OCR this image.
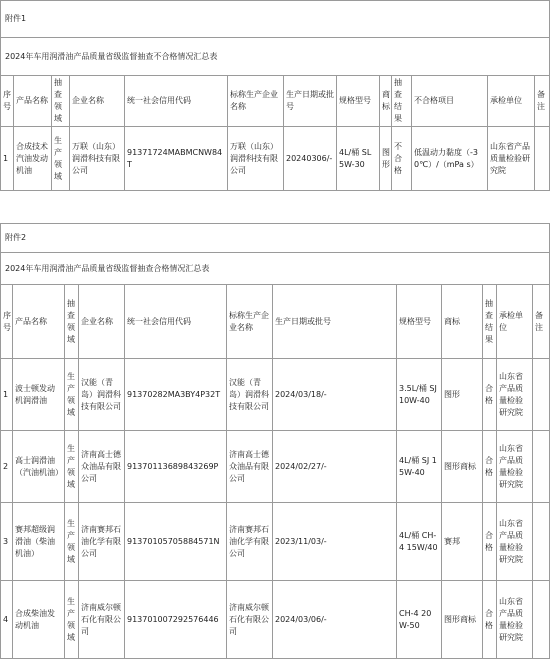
附件1												
2024年车用润滑油产品质量省级监督抽查不合格情况汇总表												
序号	产品名称	抽查领域	企业名称	统一社会信用代码	标称生产企业名称	生产日期或批号	规格型号	商标	抽查结果	不合格项目	承检单位	备注
1	合成技术汽油发动机油	生产领域	万联（山东）润滑科技有限公司	91371724MABMCNW84T	万联（山东）润滑科技有限公司	20240306/-	4L/桶 SL 5W-30	图形	不合格	低温动力黏度（-30℃）/（mPa s）	山东省产品质量检验研究院	
附件2											
2024年车用润滑油产品质量省级监督抽查合格情况汇总表											
序号	产品名称	抽查领域	企业名称	统一社会信用代码	标称生产企业名称	生产日期或批号	规格型号	商标	抽查结果	承检单位	备注
1	波士顿发动机润滑油	生产领域	汉能（青岛）润滑科技有限公司	91370282MA3BY4P32T	汉能（青岛）润滑科技有限公司	2024/03/18/-	3.5L/桶 SJ 10W-40	图形	合格	山东省产品质量检验研究院	
2	高士润滑油（汽油机油）	生产领域	济南高士德众油品有限公司	913701136898432​69P	济南高士德众油品有限公司	2024/02/27/-	4L/桶 SJ 15W-40	图形商标	合格	山东省产品质量检验研究院	
3	赛邦超级润滑油（柴油机油）	生产领域	济南赛邦石油化学有限公司	91370105705884571N	济南赛邦石油化学有限公司	2023/11/03/-	4L/桶 CH-4 15W/40	赛邦	合格	山东省产品质量检验研究院	
4	合成柴油发动机油	生产领域	济南威尔顿石化有限公司	91370100729257​6446	济南威尔顿石化有限公司	2024/03/06/-	CH-4 20W-50	图形商标	合格	山东省产品质量检验研究院	
